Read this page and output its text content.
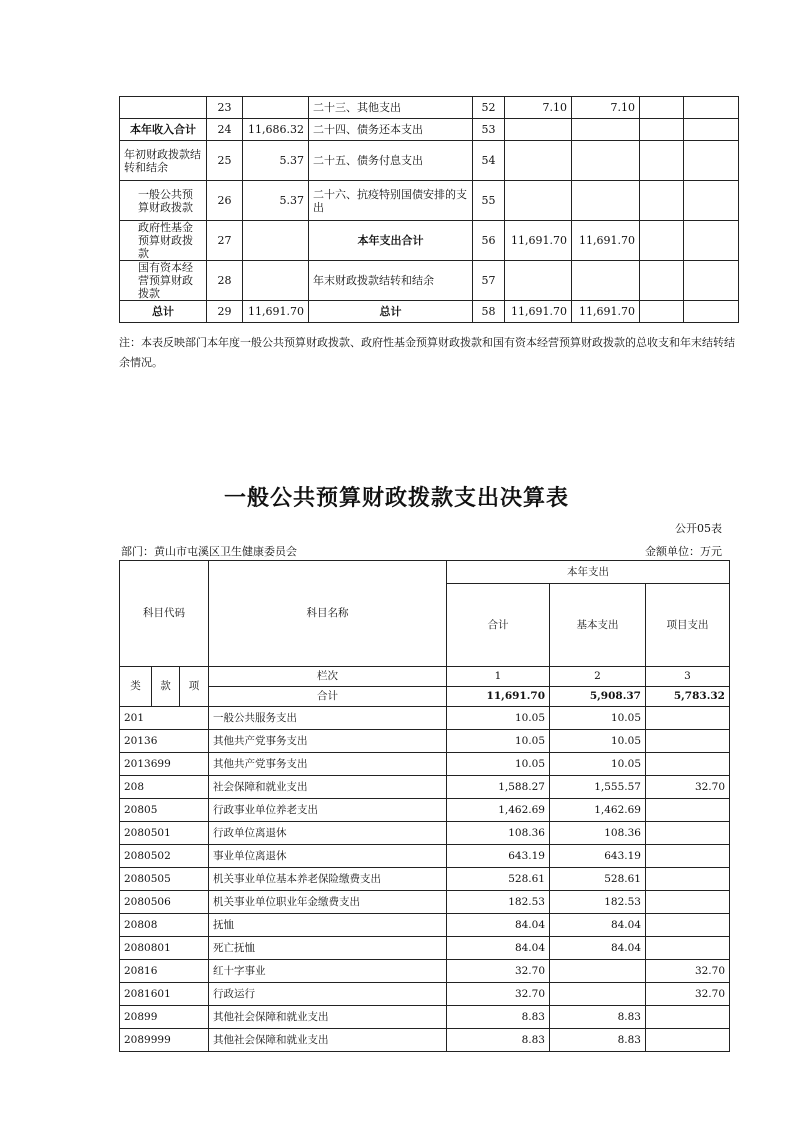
	23		二十三、其他支出	52	7.10	7.10		
本年收入合计	24	11,686.32	二十四、债务还本支出	53				
年初财政拨款结转和结余	25	5.37	二十五、债务付息支出	54				
一般公共预算财政拨款	26	5.37	二十六、抗疫特别国债安排的支出	55				
政府性基金预算财政拨款	27		本年支出合计	56	11,691.70	11,691.70		
国有资本经营预算财政拨款	28		年末财政拨款结转和结余	57				
总计	29	11,691.70	总计	58	11,691.70	11,691.70		
注：本表反映部门本年度一般公共预算财政拨款、政府性基金预算财政拨款和国有资本经营预算财政拨款的总收支和年末结转结余情况。
一般公共预算财政拨款支出决算表
公开05表
部门：黄山市屯溪区卫生健康委员会	金额单位：万元
科目代码			科目名称	本年支出		
				合计	基本支出	项目支出
类	款	项	栏次	1	2	3
			合计	11,691.70	5,908.37	5,783.32
201			一般公共服务支出	10.05	10.05	
20136			其他共产党事务支出	10.05	10.05	
2013699			其他共产党事务支出	10.05	10.05	
208			社会保障和就业支出	1,588.27	1,555.57	32.70
20805			行政事业单位养老支出	1,462.69	1,462.69	
2080501			行政单位离退休	108.36	108.36	
2080502			事业单位离退休	643.19	643.19	
2080505			机关事业单位基本养老保险缴费支出	528.61	528.61	
2080506			机关事业单位职业年金缴费支出	182.53	182.53	
20808			抚恤	84.04	84.04	
2080801			死亡抚恤	84.04	84.04	
20816			红十字事业	32.70		32.70
2081601			行政运行	32.70		32.70
20899			其他社会保障和就业支出	8.83	8.83	
2089999			其他社会保障和就业支出	8.83	8.83	
